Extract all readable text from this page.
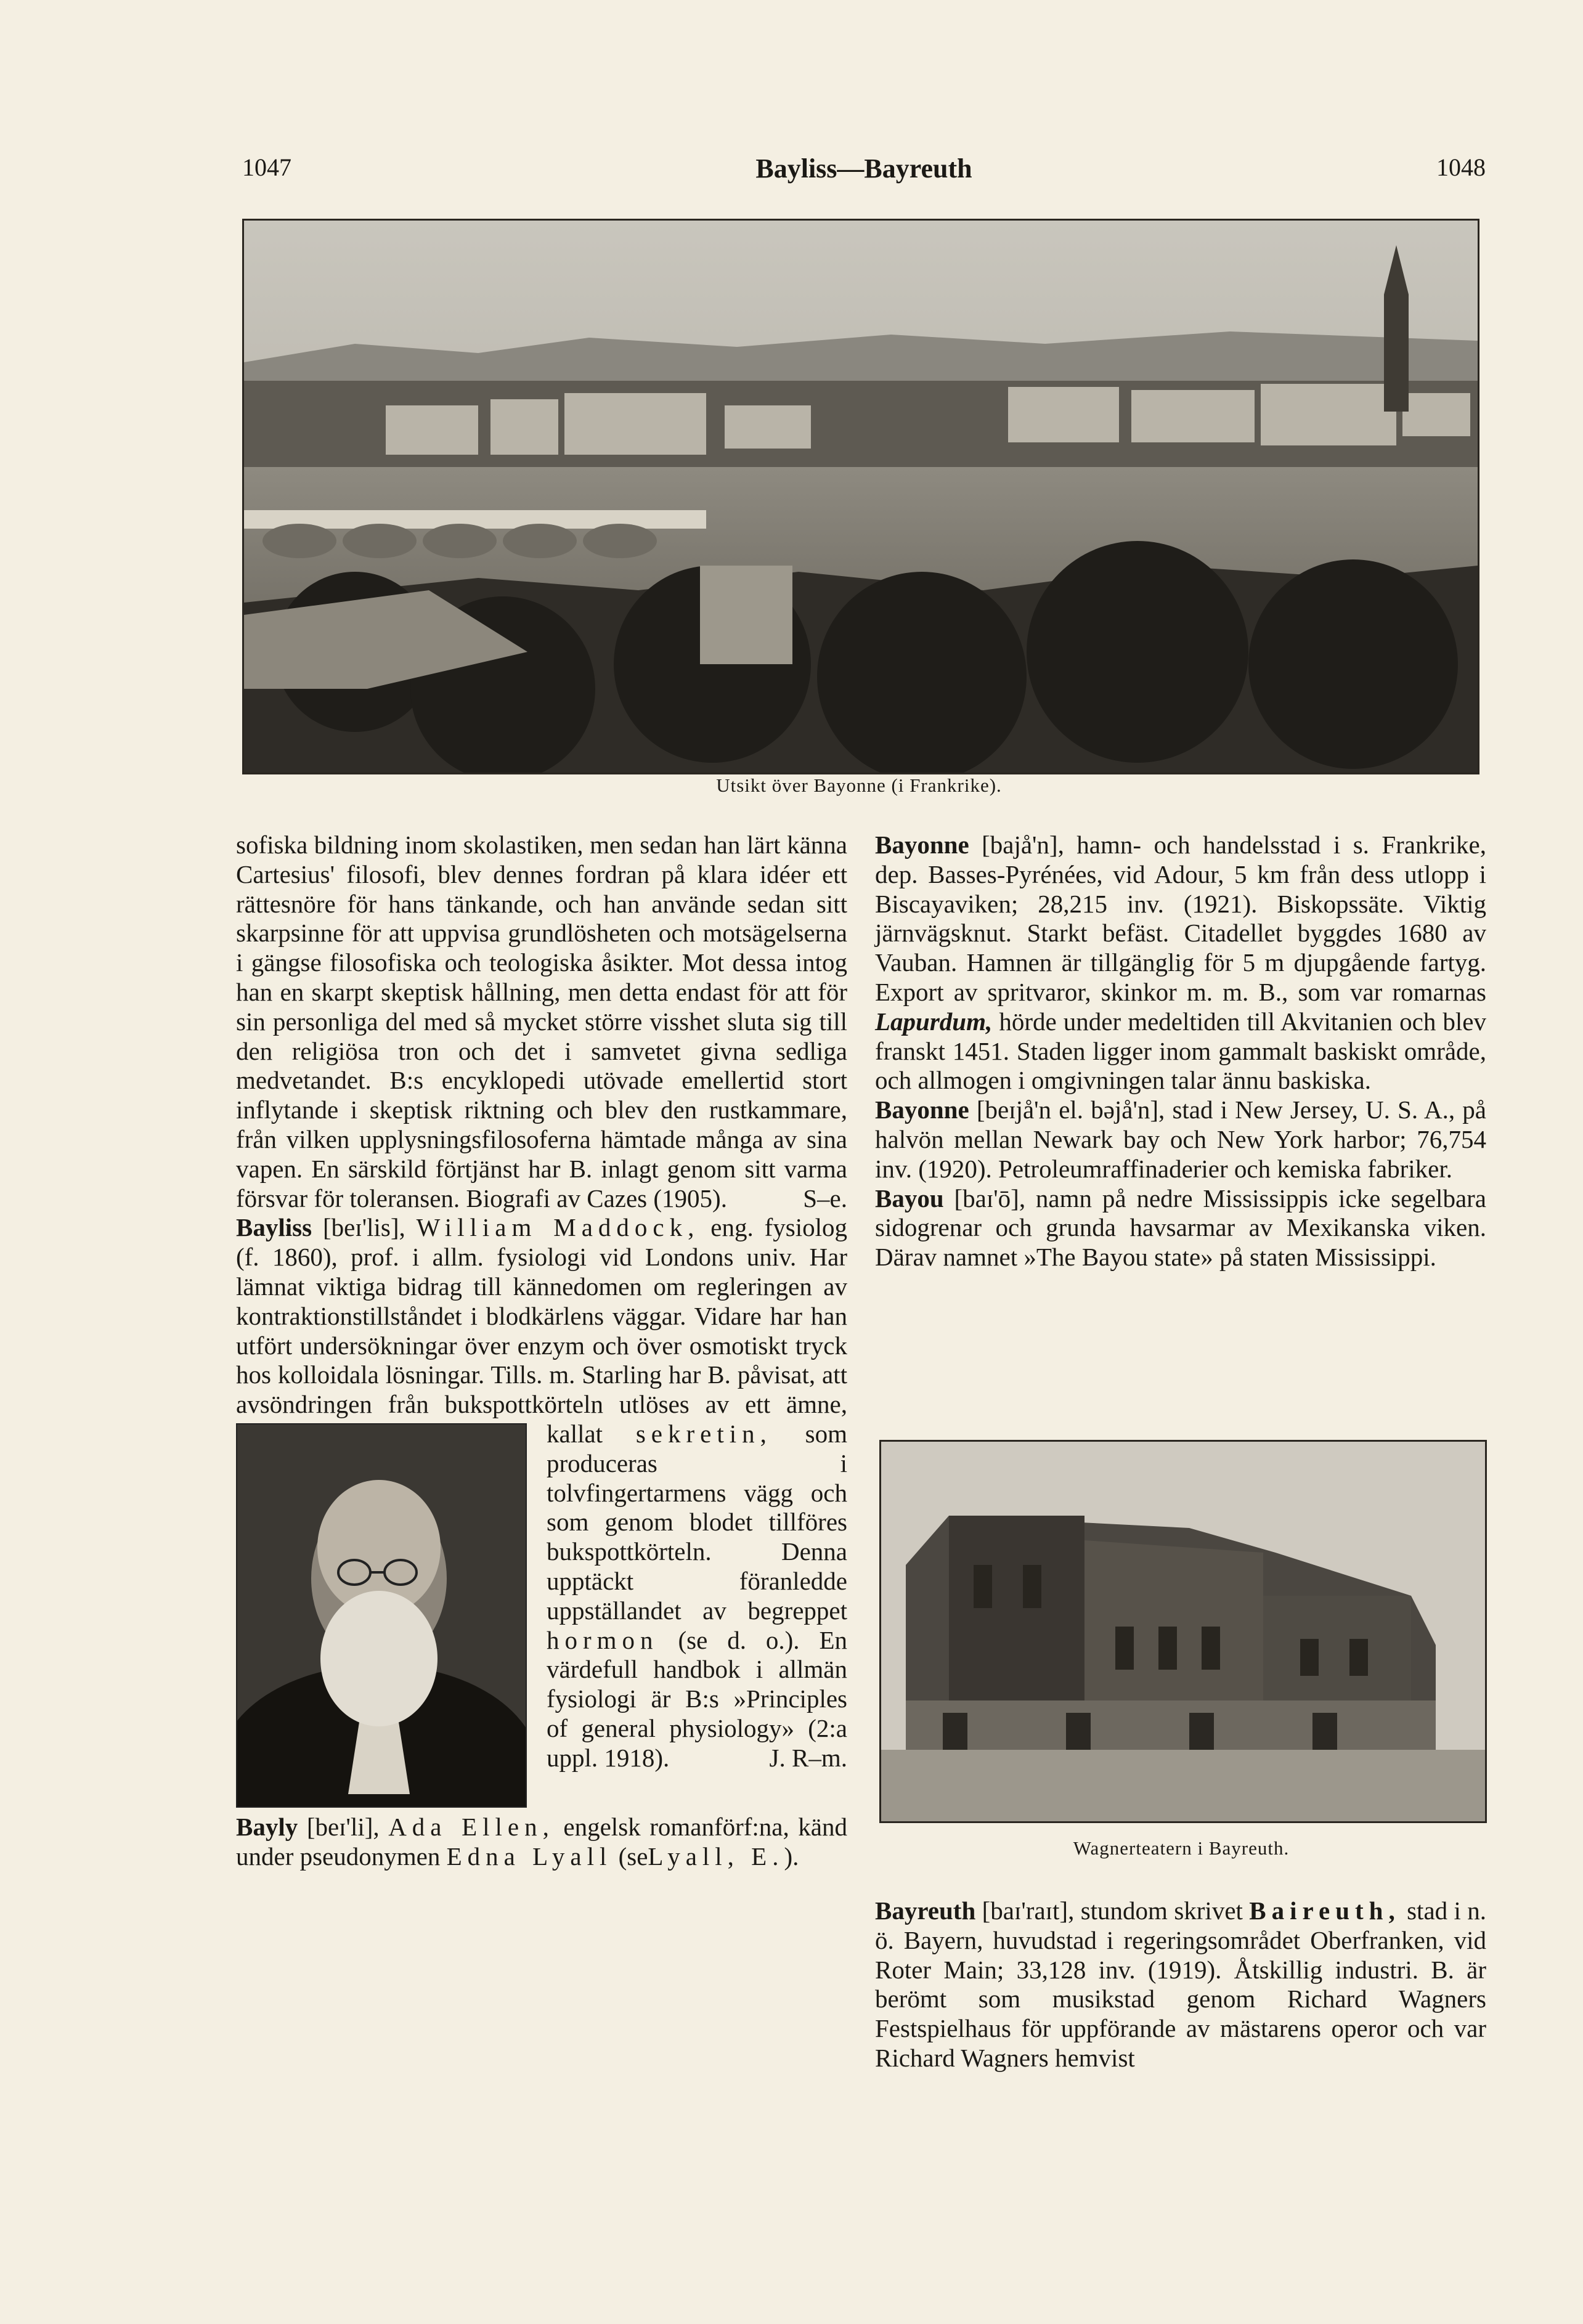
1047	Bayliss—Bayreuth	1048
Utsikt över Bayonne (i Frankrike).

sofiska bildning inom skolastiken, men sedan han lärt känna Cartesius' filosofi, blev dennes fordran på klara idéer ett rättesnöre för hans tänkande, och han använde sedan sitt skarpsinne för att uppvisa grundlösheten och motsägelserna i gängse filosofiska och teologiska åsikter. Mot dessa intog han en skarpt skeptisk hållning, men detta endast för att för sin personliga del med så mycket större visshet sluta sig till den religiösa tron och det i samvetet givna sedliga medvetandet. B:s encyklopedi utövade emellertid stort inflytande i skeptisk riktning och blev den rustkammare, från vilken upplysningsfilosoferna hämtade många av sina vapen. En särskild förtjänst har B. inlagt genom sitt varma försvar för toleransen. Biografi av Cazes (1905).	S–e.

Bayliss [beɪ'lis], William Maddock, eng. fysiolog (f. 1860), prof. i allm. fysiologi vid Londons univ. Har lämnat viktiga bidrag till kännedomen om regleringen av kontraktionstillståndet i blodkärlens väggar. Vidare har han utfört undersökningar över enzym och över osmotiskt tryck hos kolloidala lösningar. Tills. m. Starling har B. påvisat, att avsöndringen från bukspottkörteln utlöses av ett ämne, kallat sekretin, som produceras i tolvfingertarmens vägg och som genom blodet tillföres bukspottkörteln. Denna upptäckt föranledde uppställandet av begreppet hormon (se d. o.). En värdefull handbok i allmän fysiologi är B:s »Principles of general physiology» (2:a uppl. 1918).	J. R–m.

Bayly [beɪ'li], Ada Ellen, engelsk romanförf:na, känd under pseudonymen Edna Lyall (seLyall, E.).

Bayonne [bajå'n], hamn- och handelsstad i s. Frankrike, dep. Basses-Pyrénées, vid Adour, 5 km från dess utlopp i Biscayaviken; 28,215 inv. (1921). Biskopssäte. Viktig järnvägsknut. Starkt befäst. Citadellet byggdes 1680 av Vauban. Hamnen är tillgänglig för 5 m djupgående fartyg. Export av spritvaror, skinkor m. m. B., som var romarnas Lapurdum, hörde under medeltiden till Akvitanien och blev franskt 1451. Staden ligger inom gammalt baskiskt område, och allmogen i omgivningen talar ännu baskiska.

Bayonne [beɪjå'n el. bəjå'n], stad i New Jersey, U. S. A., på halvön mellan Newark bay och New York harbor; 76,754 inv. (1920). Petroleumraffinaderier och kemiska fabriker.

Bayou [baɪ'ō], namn på nedre Mississippis icke segelbara sidogrenar och grunda havsarmar av Mexikanska viken. Därav namnet »The Bayou state» på staten Mississippi.

Wagnerteatern i Bayreuth.

Bayreuth [baɪ'raɪt], stundom skrivet Baireuth, stad i n. ö. Bayern, huvudstad i regeringsområdet Oberfranken, vid Roter Main; 33,128 inv. (1919). Åtskillig industri. B. är berömt som musikstad genom Richard Wagners Festspielhaus för uppförande av mästarens operor och var Richard Wagners hemvist
